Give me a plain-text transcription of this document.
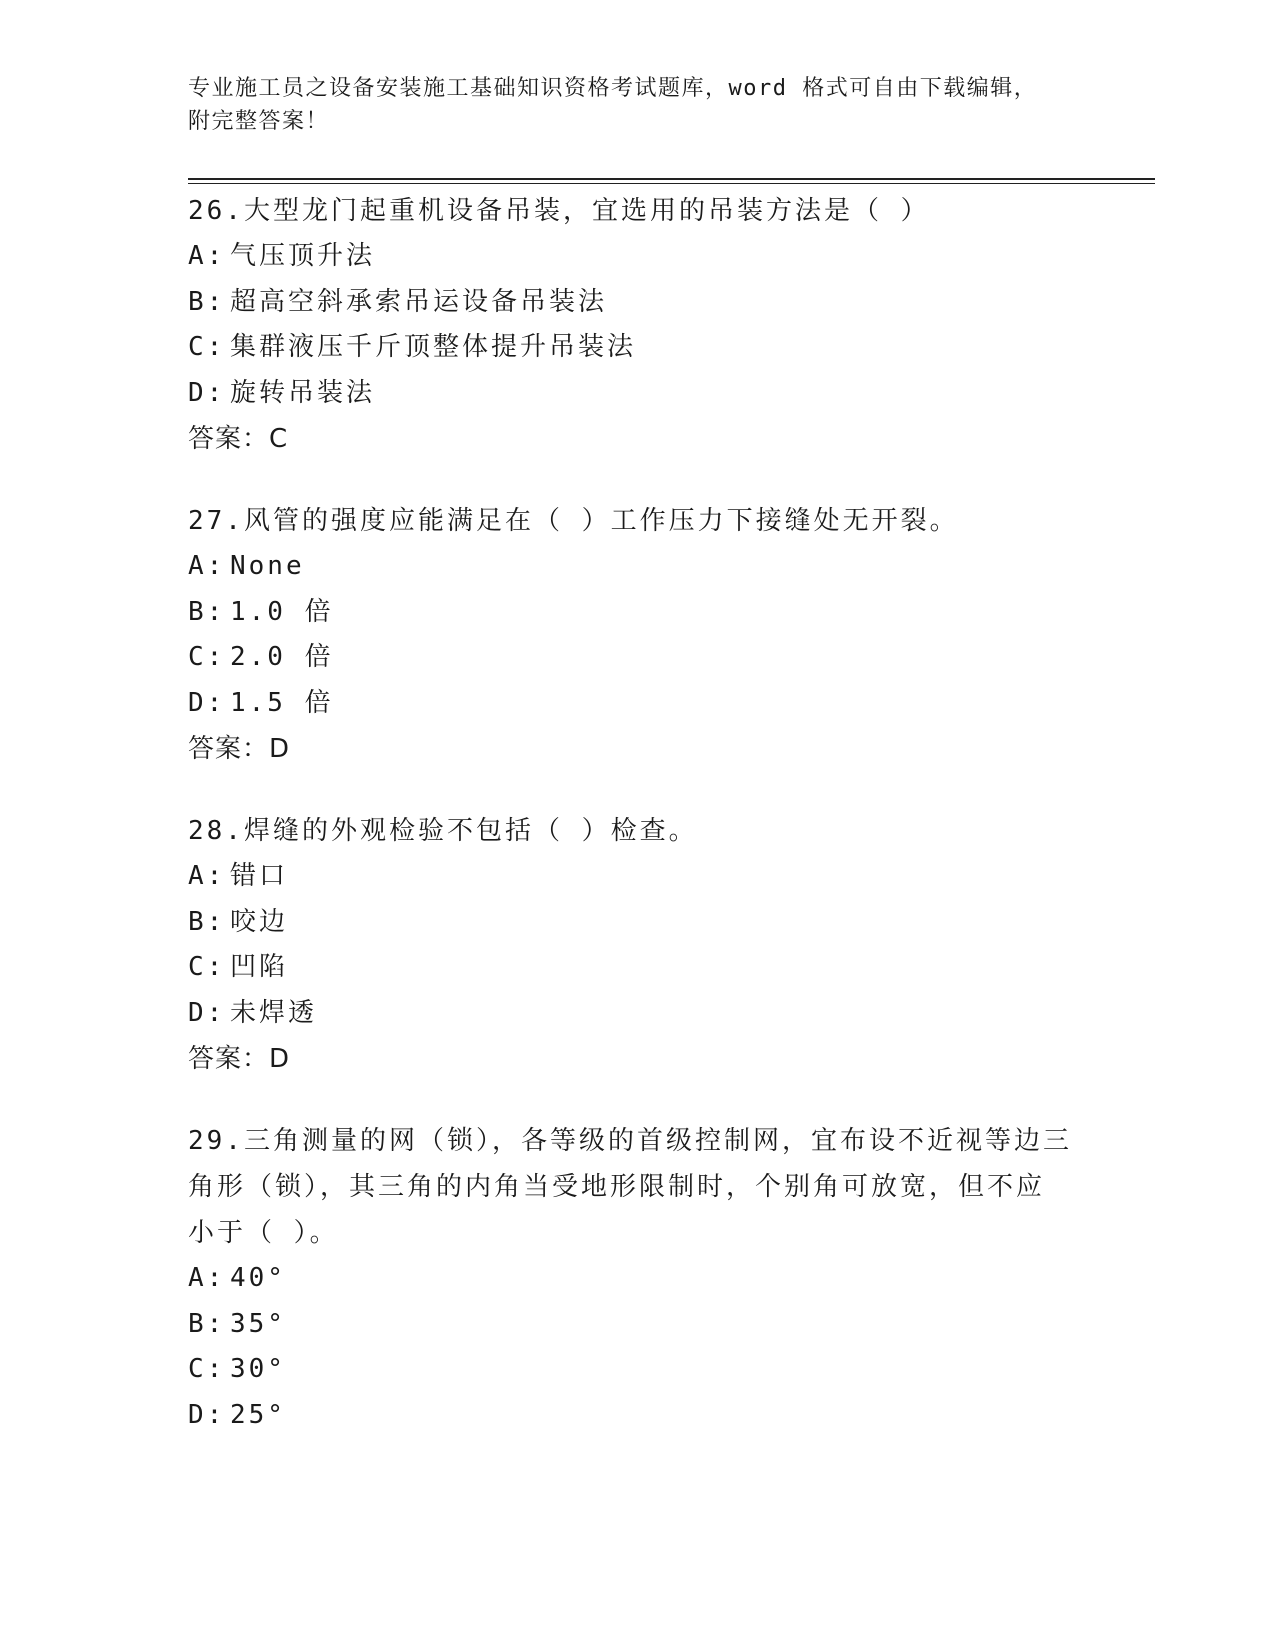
专业施工员之设备安装施工基础知识资格考试题库，word 格式可自由下载编辑，
附完整答案！
26.大型龙门起重机设备吊装，宜选用的吊装方法是（ ）
A: 气压顶升法
B: 超高空斜承索吊运设备吊装法
C: 集群液压千斤顶整体提升吊装法
D: 旋转吊装法
答案：C
27.风管的强度应能满足在（ ）工作压力下接缝处无开裂。
A: None
B: 1.0 倍
C: 2.0 倍
D: 1.5 倍
答案：D
28.焊缝的外观检验不包括（ ）检查。
A: 错口
B: 咬边
C: 凹陷
D: 未焊透
答案：D
29.三角测量的网（锁），各等级的首级控制网，宜布设不近视等边三
角形（锁），其三角的内角当受地形限制时，个别角可放宽，但不应
小于（ ）。
A: 40°
B: 35°
C: 30°
D: 25°
